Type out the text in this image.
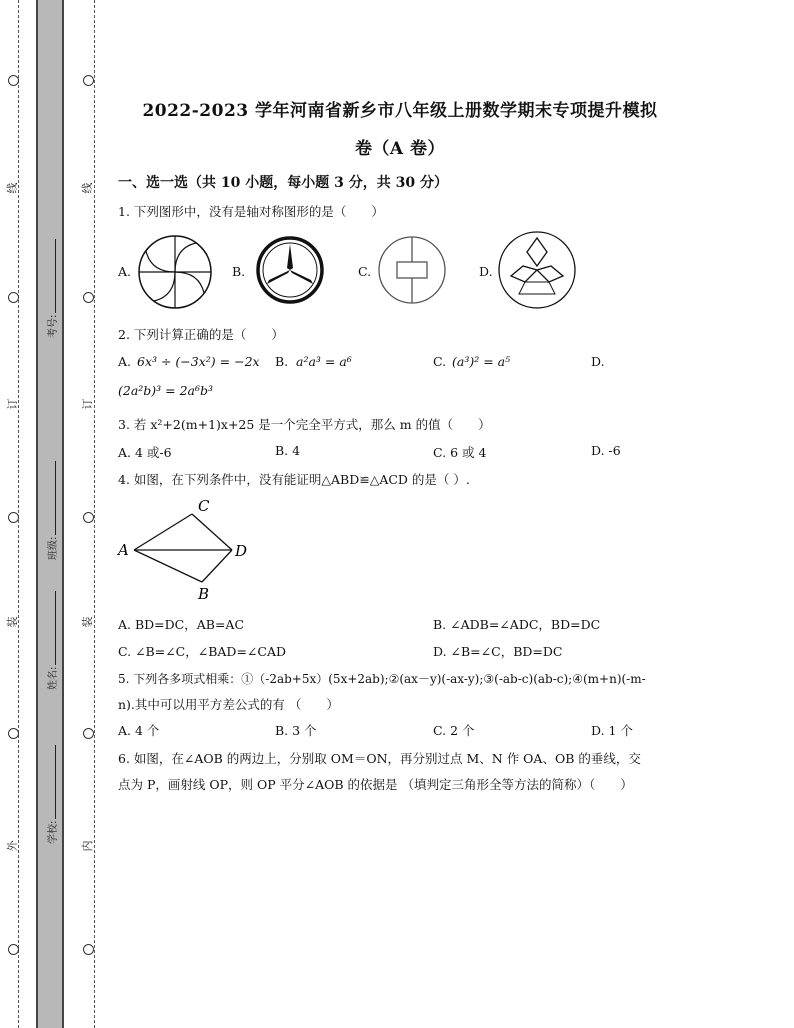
线
订
装
外
线
订
装
内
考号:
班级:
姓名:
学校:
2022-2023 学年河南省新乡市八年级上册数学期末专项提升模拟
卷（A 卷）
一、选一选（共 10 小题，每小题 3 分，共 30 分）
1. 下列图形中，没有是轴对称图形的是（　　）
A.	B.	C.	D.
2. 下列计算正确的是（　　）
A. 6x³ ÷ (−3x²) = −2x B. a²a³ = a⁶	C. (a³)² = a⁵	D.
(2a²b)³ = 2a⁶b³
3. 若 x²+2(m+1)x+25 是一个完全平方式，那么 m 的值（　　）
A. 4 或-6	B. 4	C. 6 或 4	D. -6
4. 如图，在下列条件中，没有能证明△ABD≌△ACD 的是（ ）.
C
A	D
B
A. BD=DC，AB=AC	B. ∠ADB=∠ADC，BD=DC
C. ∠B=∠C，∠BAD=∠CAD	D. ∠B=∠C，BD=DC
5. 下列各多项式相乘：①（-2ab+5x）(5x+2ab);②(ax－y)(-ax-y);③(-ab-c)(ab-c);④(m+n)(-m-
n).其中可以用平方差公式的有 （　　）
A. 4 个	B. 3 个	C. 2 个	D. 1 个
6. 如图，在∠AOB 的两边上，分别取 OM＝ON，再分别过点 M、N 作 OA、OB 的垂线，交
点为 P，画射线 OP，则 OP 平分∠AOB 的依据是 （填判定三角形全等方法的简称）（　　）
